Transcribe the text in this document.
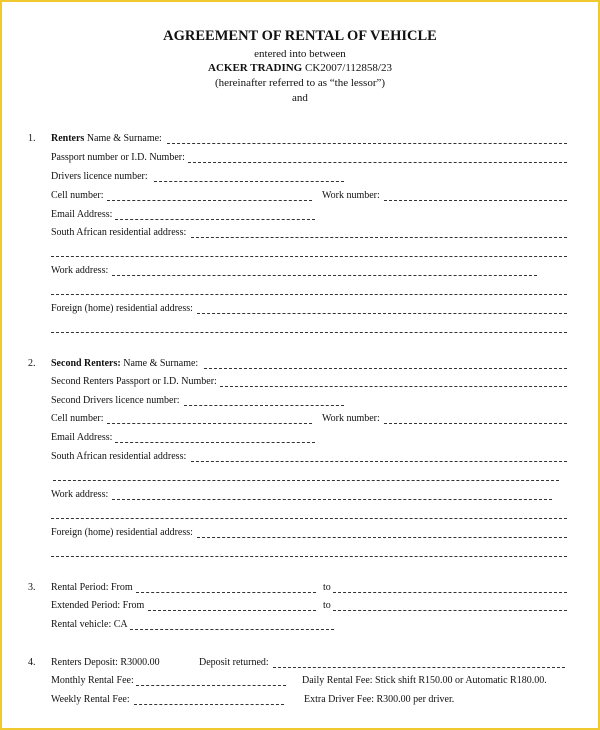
AGREEMENT OF RENTAL OF VEHICLE
entered into between
ACKER TRADING CK2007/112858/23
(hereinafter referred to as “the lessor”)
and
1. Renters Name & Surname:
Passport number or I.D. Number:
Drivers licence number:
Cell number:	Work number:
Email Address:
South African residential address:
Work address:
Foreign (home) residential address:
2. Second Renters: Name & Surname:
Second Renters Passport or I.D. Number:
Second Drivers licence number:
Cell number:	Work number:
Email Address:
South African residential address:
Work address:
Foreign (home) residential address:
3. Rental Period: From	to
Extended Period: From	to
Rental vehicle: CA
4. Renters Deposit: R3000.00	Deposit returned:
Monthly Rental Fee:	Daily Rental Fee: Stick shift R150.00 or Automatic R180.00.
Weekly Rental Fee:	Extra Driver Fee: R300.00 per driver.
